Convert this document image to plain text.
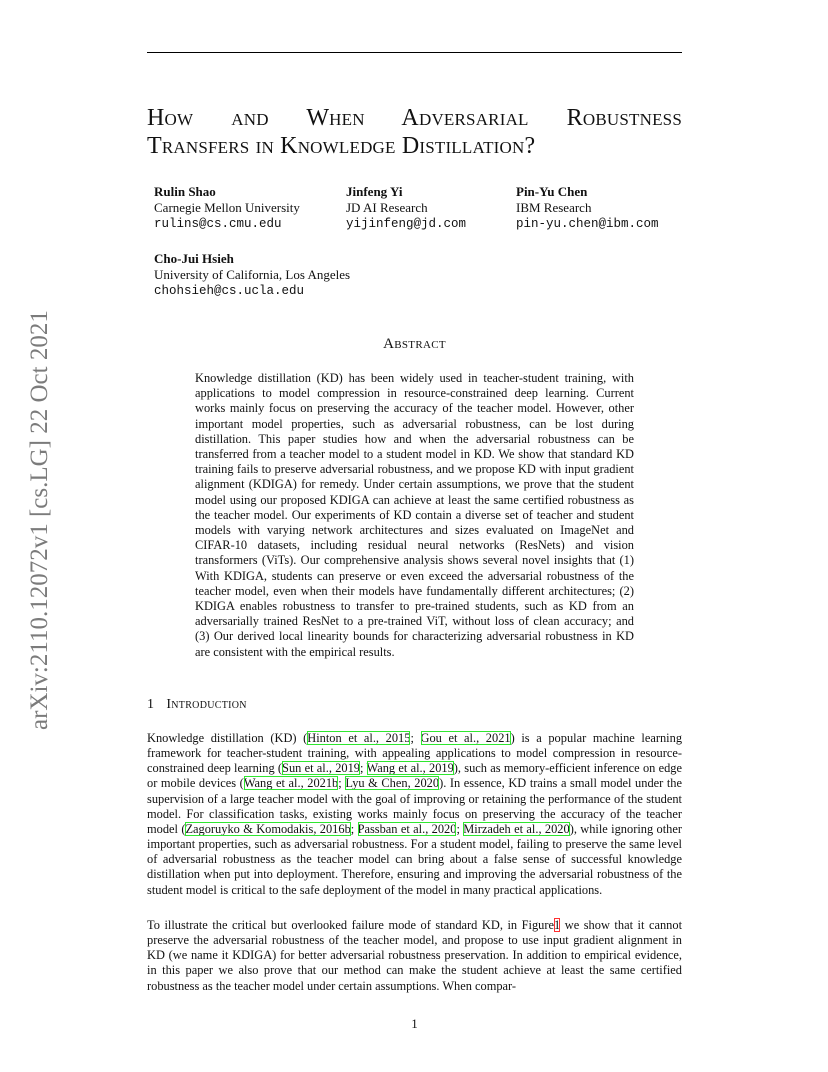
How and When Adversarial Robustness
Transfers in Knowledge Distillation?
Rulin Shao
Carnegie Mellon University
rulins@cs.cmu.edu
Jinfeng Yi
JD AI Research
yijinfeng@jd.com
Pin-Yu Chen
IBM Research
pin-yu.chen@ibm.com
Cho-Jui Hsieh
University of California, Los Angeles
chohsieh@cs.ucla.edu
arXiv:2110.12072v1 [cs.LG] 22 Oct 2021	Abstract

Knowledge distillation (KD) has been widely used in teacher-student training, with applications to model compression in resource-constrained deep learning. Current works mainly focus on preserving the accuracy of the teacher model. However, other important model properties, such as adversarial robustness, can be lost during distillation. This paper studies how and when the adversarial robustness can be transferred from a teacher model to a student model in KD. We show that standard KD training fails to preserve adversarial robustness, and we propose KD with input gradient alignment (KDIGA) for remedy. Under certain assumptions, we prove that the student model using our proposed KDIGA can achieve at least the same certified robustness as the teacher model. Our experiments of KD contain a diverse set of teacher and student models with varying network architectures and sizes evaluated on ImageNet and CIFAR-10 datasets, including residual neural networks (ResNets) and vision transformers (ViTs). Our comprehensive analysis shows several novel insights that (1) With KDIGA, students can preserve or even exceed the adversarial robustness of the teacher model, even when their models have fundamentally different architectures; (2) KDIGA enables robustness to transfer to pre-trained students, such as KD from an adversarially trained ResNet to a pre-trained ViT, without loss of clean accuracy; and (3) Our derived local linearity bounds for characterizing adversarial robustness in KD are consistent with the empirical results.

1 Introduction

Knowledge distillation (KD) (Hinton et al., 2015; Gou et al., 2021) is a popular machine learning framework for teacher-student training, with appealing applications to model compression in resource-constrained deep learning (Sun et al., 2019; Wang et al., 2019), such as memory-efficient inference on edge or mobile devices (Wang et al., 2021b; Lyu & Chen, 2020). In essence, KD trains a small model under the supervision of a large teacher model with the goal of improving or retaining the performance of the student model. For classification tasks, existing works mainly focus on preserving the accuracy of the teacher model (Zagoruyko & Komodakis, 2016b; Passban et al., 2020; Mirzadeh et al., 2020), while ignoring other important properties, such as adversarial robustness. For a student model, failing to preserve the same level of adversarial robustness as the teacher model can bring about a false sense of successful knowledge distillation when put into deployment. Therefore, ensuring and improving the adversarial robustness of the student model is critical to the safe deployment of the model in many practical applications.

To illustrate the critical but overlooked failure mode of standard KD, in Figure1 we show that it cannot preserve the adversarial robustness of the teacher model, and propose to use input gradient alignment in KD (we name it KDIGA) for better adversarial robustness preservation. In addition to empirical evidence, in this paper we also prove that our method can make the student achieve at least the same certified robustness as the teacher model under certain assumptions. When compar-

1
